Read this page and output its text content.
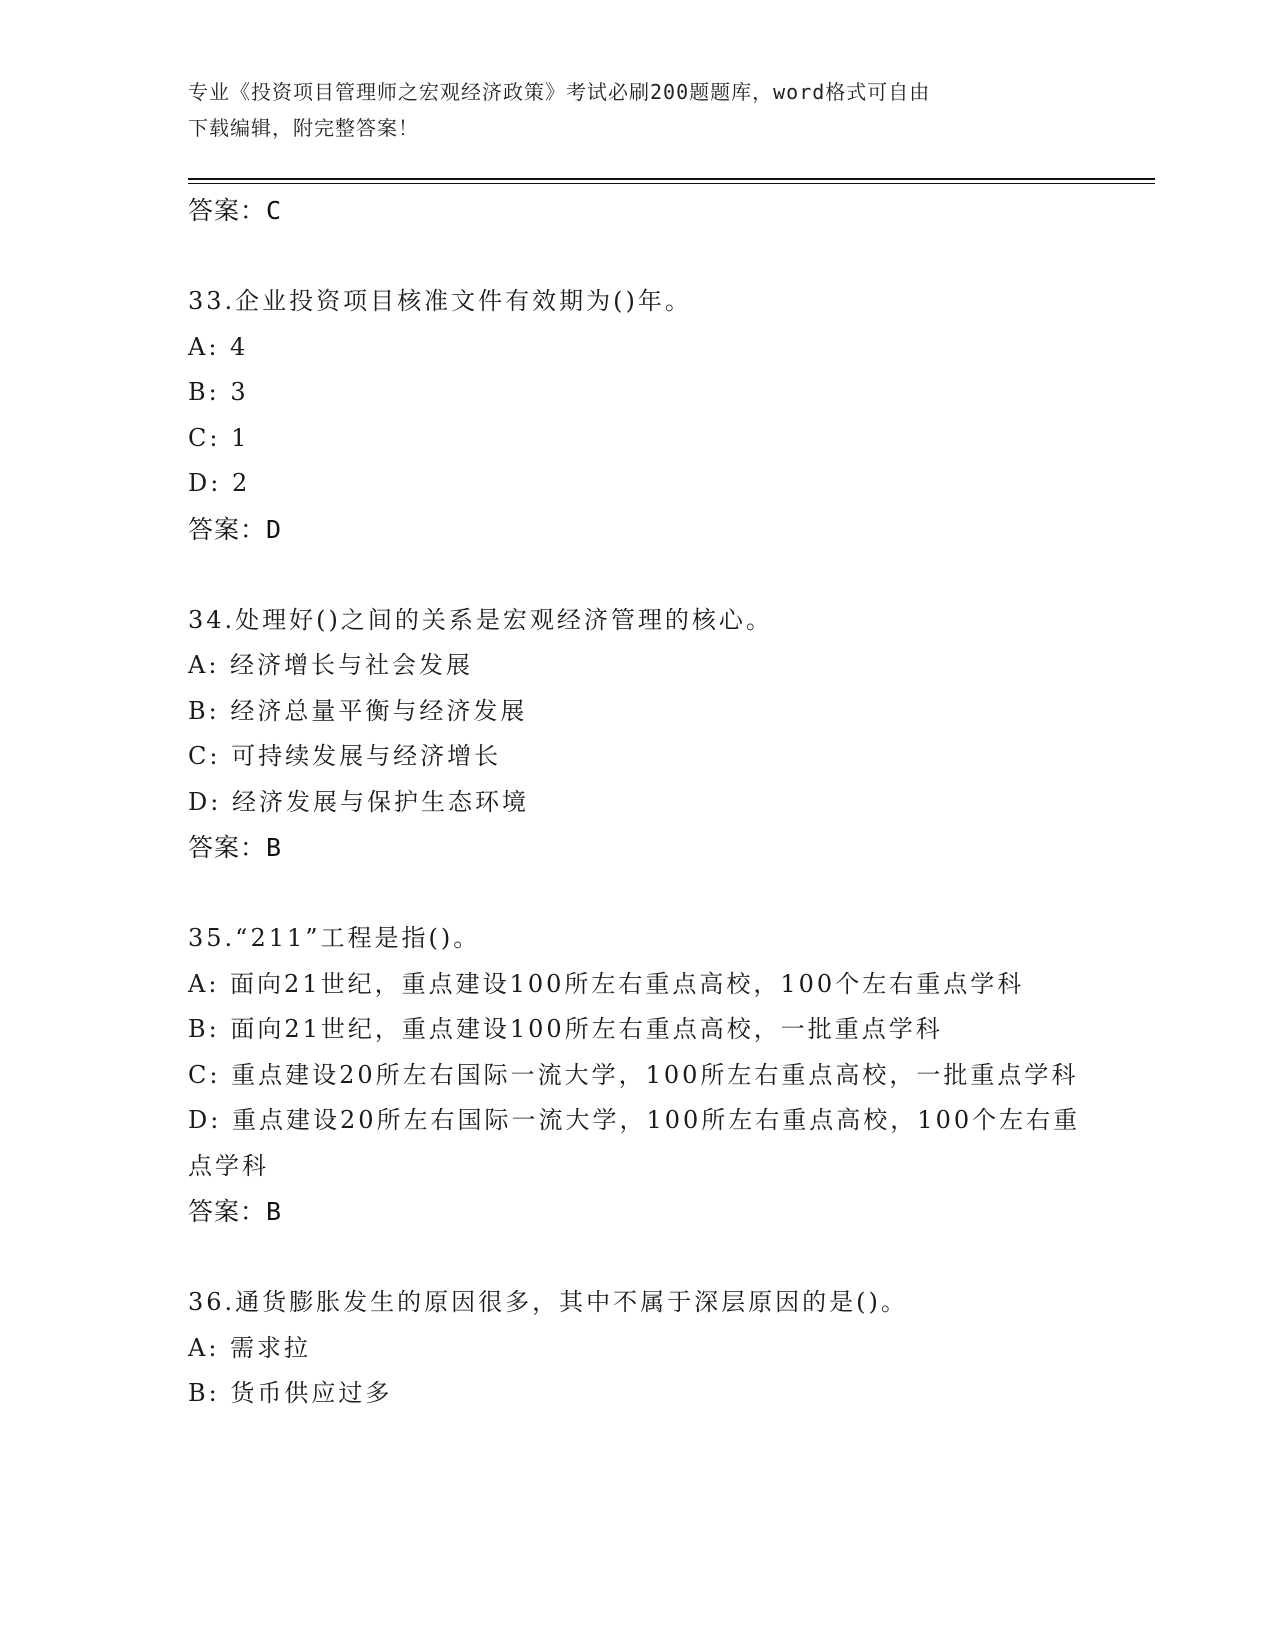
专业《投资项目管理师之宏观经济政策》考试必刷200题题库，word格式可自由
下载编辑，附完整答案！
答案：C
33.企业投资项目核准文件有效期为()年。
A: 4
B: 3
C: 1
D: 2
答案：D
34.处理好()之间的关系是宏观经济管理的核心。
A: 经济增长与社会发展
B: 经济总量平衡与经济发展
C: 可持续发展与经济增长
D: 经济发展与保护生态环境
答案：B
35.“211”工程是指()。
A: 面向21世纪，重点建设100所左右重点高校，100个左右重点学科
B: 面向21世纪，重点建设100所左右重点高校，一批重点学科
C: 重点建设20所左右国际一流大学，100所左右重点高校，一批重点学科
D: 重点建设20所左右国际一流大学，100所左右重点高校，100个左右重点学科
答案：B
36.通货膨胀发生的原因很多，其中不属于深层原因的是()。
A: 需求拉
B: 货币供应过多
